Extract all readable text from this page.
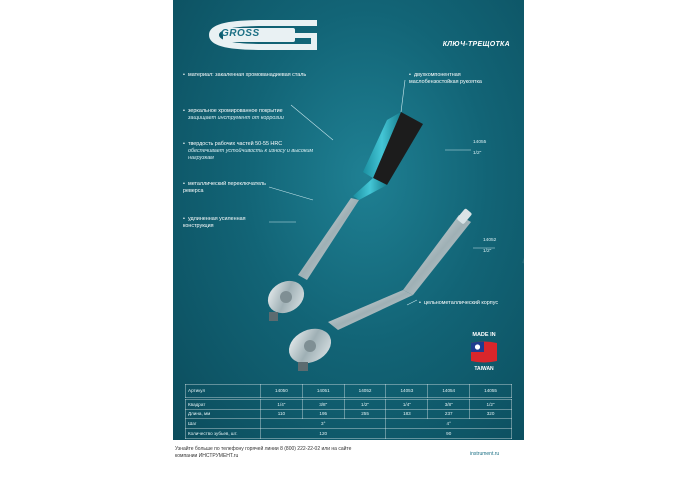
GROSS
КЛЮЧ-ТРЕЩОТКА
KKU
• материал: закаленная хромованадиевая сталь
• зеркальное хромированное покрытие
защищает инструмент от коррозии
• твердость рабочих частей 50-55 HRC
обеспечивает устойчивость к износу и высоким нагрузкам
• металлический переключатель реверса
• удлиненная усиленная конструкция
• двухкомпонентная маслобензостойкая рукоятка
• цельнометаллический корпус
14055
1/2"
14052
1/2"
MADE IN
TAIWAN
Артикул	14050	14051	14052	14053	14054	14055

Квадрат	1/4"	3/8"	1/2"	1/4"	3/8"	1/2"
Длина, мм	110	195	255	183	237	320
Шаг	3°			4°		
Количество зубьев, шт.	120			90		
Узнайте больше по телефону горячей линии 8 (800) 222-22-02 или на сайте компании ИНСТРУМЕНТ.ru	instrument.ru
